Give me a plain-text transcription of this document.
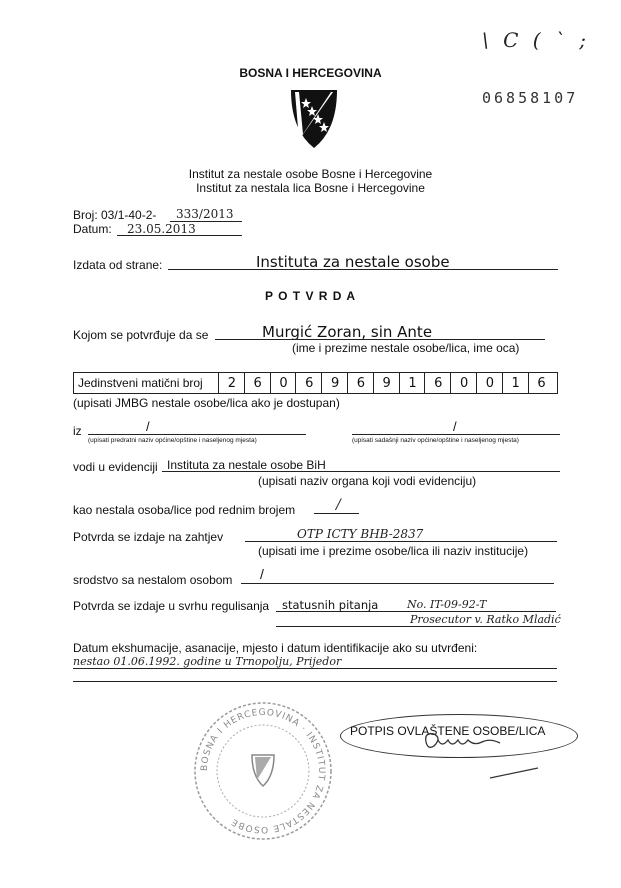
\ C ( ` ;
06858107
BOSNA I HERCEGOVINA
Institut za nestale osobe Bosne i Hercegovine
Institut za nestala lica Bosne i Hercegovine
Broj: 03/1-40-2- 333/2013
Datum: 23.05.2013
Izdata od strane:	Instituta za nestale osobe
P O T V R D A
Kojom se potvrđuje da se	Murgić Zoran, sin Ante
(ime i prezime nestale osobe/lica, ime oca)
Jedinstveni matični broj	2	6	0	6	9	6	9	1	6	0	0	1	6
(upisati JMBG nestale osobe/lica ako je dostupan)
iz	/
(upisati predratni naziv općine/opštine i naseljenog mjesta)
/
(upisati sadašnji naziv općine/opštine i naseljenog mjesta)
vodi u evidenciji Instituta za nestale osobe BiH
(upisati naziv organa koji vodi evidenciju)
kao nestala osoba/lice pod rednim brojem	/
Potvrda se izdaje na zahtjev	OTP ICTY BHB-2837
(upisati ime i prezime osobe/lica ili naziv institucije)
srodstvo sa nestalom osobom /
Potvrda se izdaje u svrhu regulisanja statusnih pitanja	No. IT-09-92-T
Prosecutor v. Ratko Mladić
Datum ekshumacije, asanacije, mjesto i datum identifikacije ako su utvrđeni:
nestao 01.06.1992. godine u Trnopolju, Prijedor
BOSNA I HERCEGOVINA · INSTITUT ZA NESTALE OSOBE
POTPIS OVLAŠTENE OSOBE/LICA
